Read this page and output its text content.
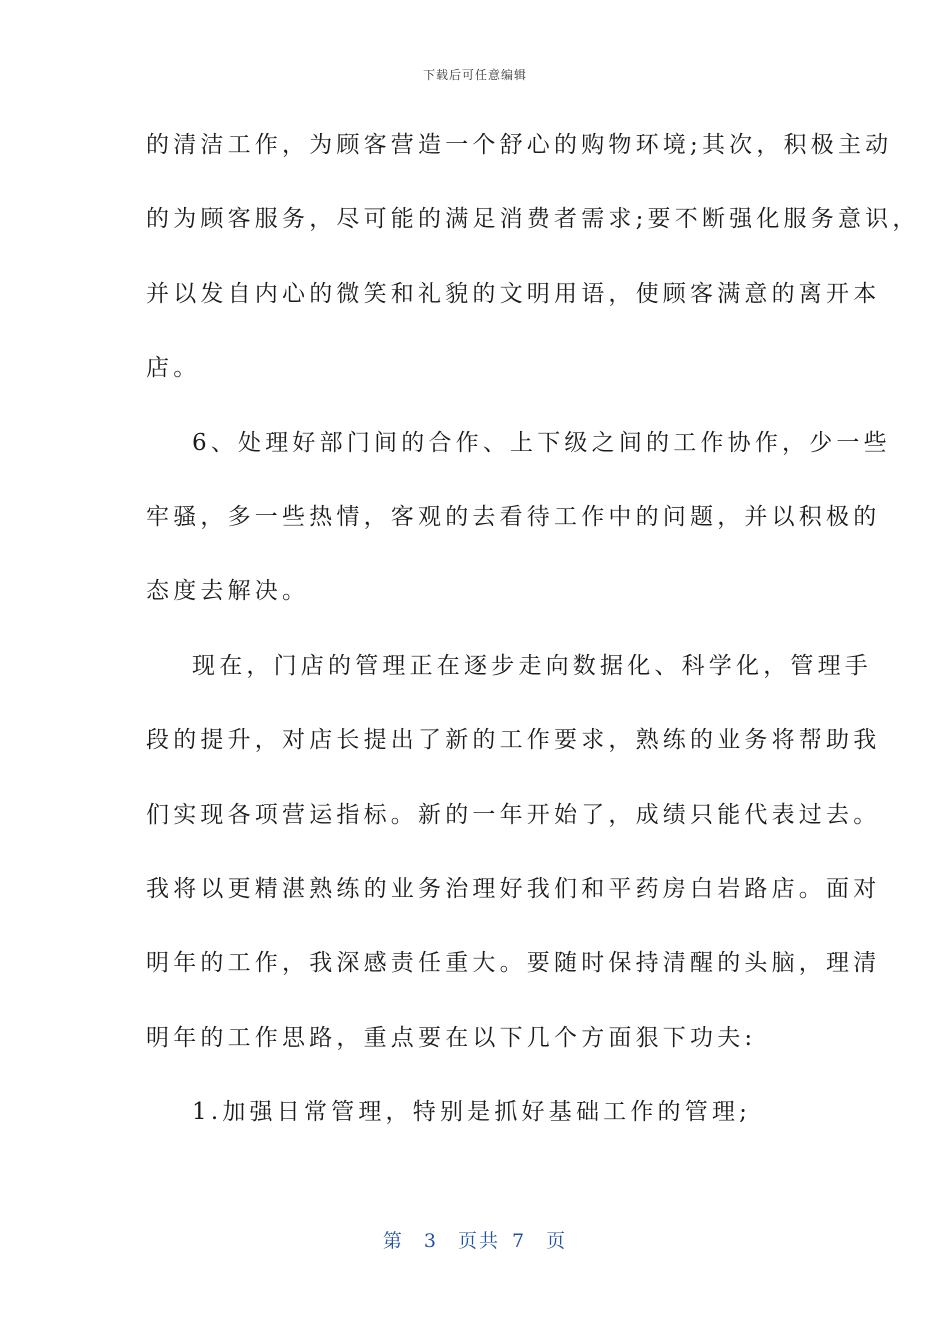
下载后可任意编辑
的清洁工作，为顾客营造一个舒心的购物环境;其次，积极主动
的为顾客服务，尽可能的满足消费者需求;要不断强化服务意识，
并以发自内心的微笑和礼貌的文明用语，使顾客满意的离开本
店。
6、处理好部门间的合作、上下级之间的工作协作，少一些
牢骚，多一些热情，客观的去看待工作中的问题，并以积极的
态度去解决。
现在，门店的管理正在逐步走向数据化、科学化，管理手
段的提升，对店长提出了新的工作要求，熟练的业务将帮助我
们实现各项营运指标。新的一年开始了，成绩只能代表过去。
我将以更精湛熟练的业务治理好我们和平药房白岩路店。面对
明年的工作，我深感责任重大。要随时保持清醒的头脑，理清
明年的工作思路，重点要在以下几个方面狠下功夫:
1.加强日常管理，特别是抓好基础工作的管理;
第 3 页共 7 页
